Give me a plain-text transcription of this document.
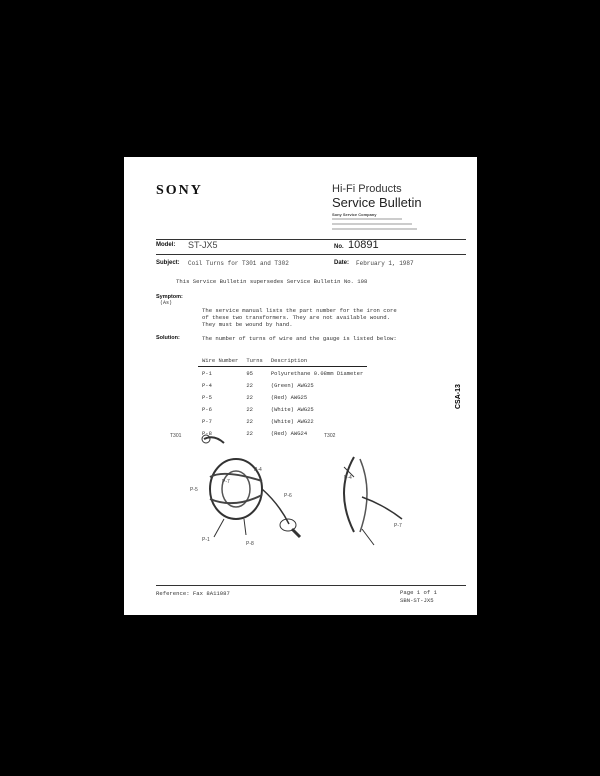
SONY	Hi-Fi Products
Service Bulletin
Sony Service Company
Model: ST-JX5	No. 10891
Subject: Coil Turns for T301 and T302	Date: February 1, 1987
This Service Bulletin supersedes Service Bulletin No. 108
Symptom:
(As)
The service manual lists the part number for the iron core
of these two transformers. They are not available wound.
They must be wound by hand.
Solution:	The number of turns of wire and the gauge is listed below:
Wire Number	Turns	Description
P-1	95	Polyurethane 0.08mm Diameter
P-4	22	(Green) AWG25
P-5	22	(Red) AWG25
P-6	22	(White) AWG25
P-7	22	(White) AWG22
P-8	22	(Red) AWG24
T301
P-4
P-7
P-5
P-6
P-1
P-8
T302
P-4
P-7
Reference: Fax 8A11087	Page 1 of 1
SBN-ST-JX5
Receivers
CSA-13
